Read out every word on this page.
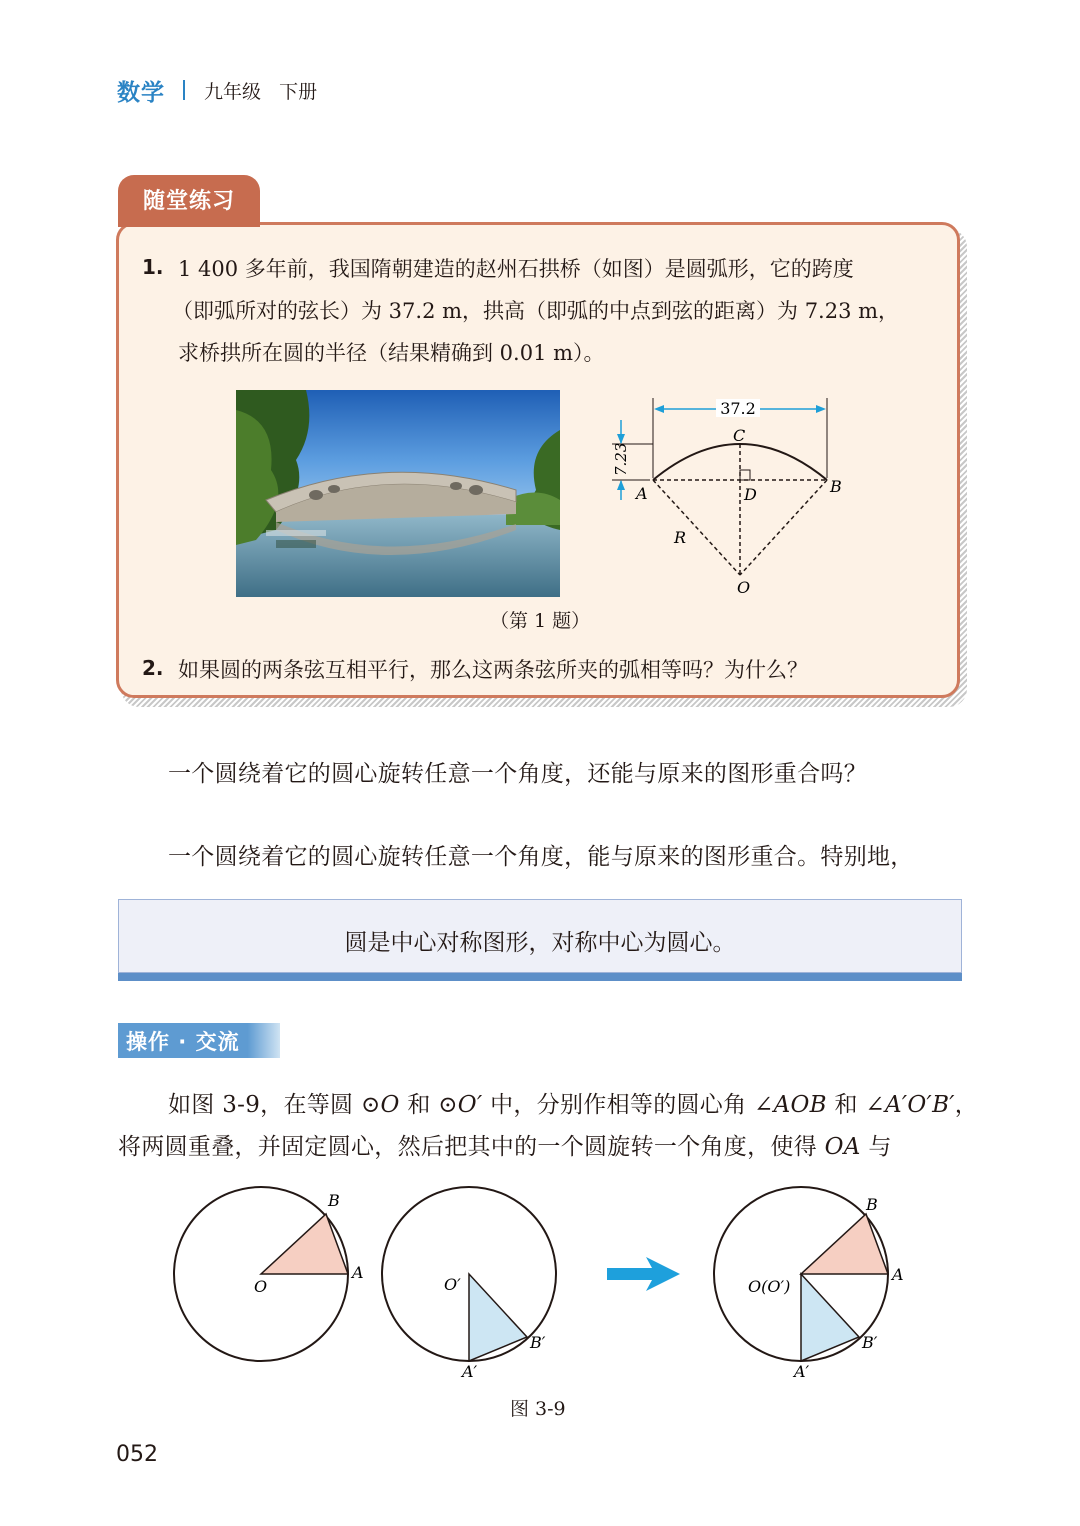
数学 九年级 下册
随堂练习
1. 1 400 多年前，我国隋朝建造的赵州石拱桥（如图）是圆弧形，它的跨度
（即弧所对的弦长）为 37.2 m，拱高（即弧的中点到弦的距离）为 7.23 m，
求桥拱所在圆的半径（结果精确到 0.01 m）。
37.2
7.23
C
A	B
D
R
O
（第 1 题）
2. 如果圆的两条弦互相平行，那么这两条弦所夹的弧相等吗？为什么？
一个圆绕着它的圆心旋转任意一个角度，还能与原来的图形重合吗？
一个圆绕着它的圆心旋转任意一个角度，能与原来的图形重合。特别地，
圆是中心对称图形，对称中心为圆心。
操作 · 交流
如图 3-9，在等圆 ⊙O 和 ⊙O′ 中，分别作相等的圆心角 ∠AOB 和 ∠A′O′B′，
将两圆重叠，并固定圆心，然后把其中的一个圆旋转一个角度，使得 OA 与
O
A
B
O′
A′
B′
O(O′)
A
B
A′
B′
图 3-9
052
